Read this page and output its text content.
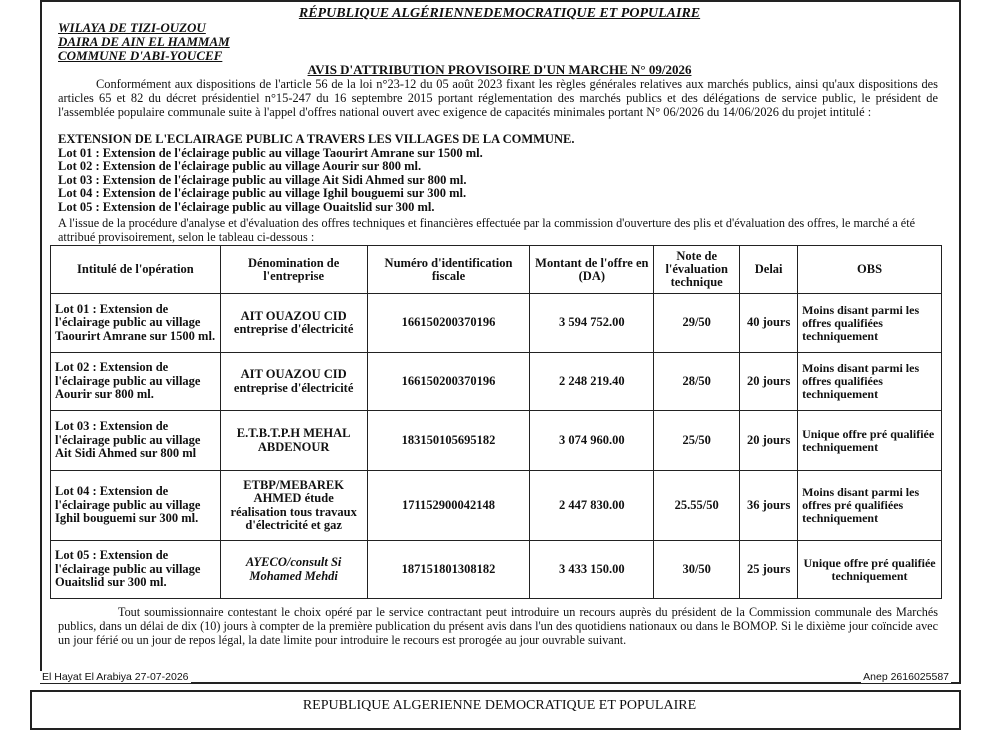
RÉPUBLIQUE ALGÉRIENNEDEMOCRATIQUE ET POPULAIRE
WILAYA DE TIZI-OUZOU
DAIRA DE AIN EL HAMMAM
COMMUNE D'ABI-YOUCEF
AVIS D'ATTRIBUTION PROVISOIRE D'UN MARCHE N° 09/2026
Conformément aux dispositions de l'article 56 de la loi n°23-12 du 05 août 2023 fixant les règles générales relatives aux marchés publics, ainsi qu'aux dispositions des articles 65 et 82 du décret présidentiel n°15-247 du 16 septembre 2015 portant réglementation des marchés publics et des délégations de service public, le président de l'assemblée populaire communale suite à l'appel d'offres national ouvert avec exigence de capacités minimales portant N° 06/2026 du 14/06/2026 du projet intitulé :
EXTENSION DE L'ECLAIRAGE PUBLIC A TRAVERS LES VILLAGES DE LA COMMUNE.
Lot 01 : Extension de l'éclairage public au village Taourirt Amrane sur 1500 ml.
Lot 02 : Extension de l'éclairage public au village Aourir sur 800 ml.
Lot 03 : Extension de l'éclairage public au village Ait Sidi Ahmed sur 800 ml.
Lot 04 : Extension de l'éclairage public au village Ighil bouguemi sur 300 ml.
Lot 05 : Extension de l'éclairage public au village Ouaitslid sur 300 ml.
A l'issue de la procédure d'analyse et d'évaluation des offres techniques et financières effectuée par la commission d'ouverture des plis et d'évaluation des offres, le marché a été attribué provisoirement, selon le tableau ci-dessous :
Intitulé de l'opération	Dénomination de l'entreprise	Numéro d'identification fiscale	Montant de l'offre en (DA)	Note de l'évaluation technique	Delai	OBS
Lot 01 : Extension de l'éclairage public au village Taourirt Amrane sur 1500 ml.	AIT OUAZOU CID entreprise d'électricité	166150200370196	3 594 752.00	29/50	40 jours	Moins disant parmi les offres qualifiées techniquement
Lot 02 : Extension de l'éclairage public au village Aourir sur 800 ml.	AIT OUAZOU CID entreprise d'électricité	166150200370196	2 248 219.40	28/50	20 jours	Moins disant parmi les offres qualifiées techniquement
Lot 03 : Extension de l'éclairage public au village Ait Sidi Ahmed sur 800 ml	E.T.B.T.P.H MEHAL ABDENOUR	183150105695182	3 074 960.00	25/50	20 jours	Unique offre pré qualifiée techniquement
Lot 04 : Extension de l'éclairage public au village Ighil bouguemi sur 300 ml.	ETBP/MEBAREK AHMED étude réalisation tous travaux d'électricité et gaz	171152900042148	2 447 830.00	25.55/50	36 jours	Moins disant parmi les offres pré qualifiées techniquement
Lot 05 : Extension de l'éclairage public au village Ouaitslid sur 300 ml.	AYECO/consult Si Mohamed Mehdi	187151801308182	3 433 150.00	30/50	25 jours	Unique offre pré qualifiée techniquement
Tout soumissionnaire contestant le choix opéré par le service contractant peut introduire un recours auprès du président de la Commission communale des Marchés publics, dans un délai de dix (10) jours à compter de la première publication du présent avis dans l'un des quotidiens nationaux ou dans le BOMOP. Si le dixième jour coïncide avec un jour férié ou un jour de repos légal, la date limite pour introduire le recours est prorogée au jour ouvrable suivant.
El Hayat El Arabiya 27-07-2026	Anep 2616025587
REPUBLIQUE ALGERIENNE DEMOCRATIQUE ET POPULAIRE
